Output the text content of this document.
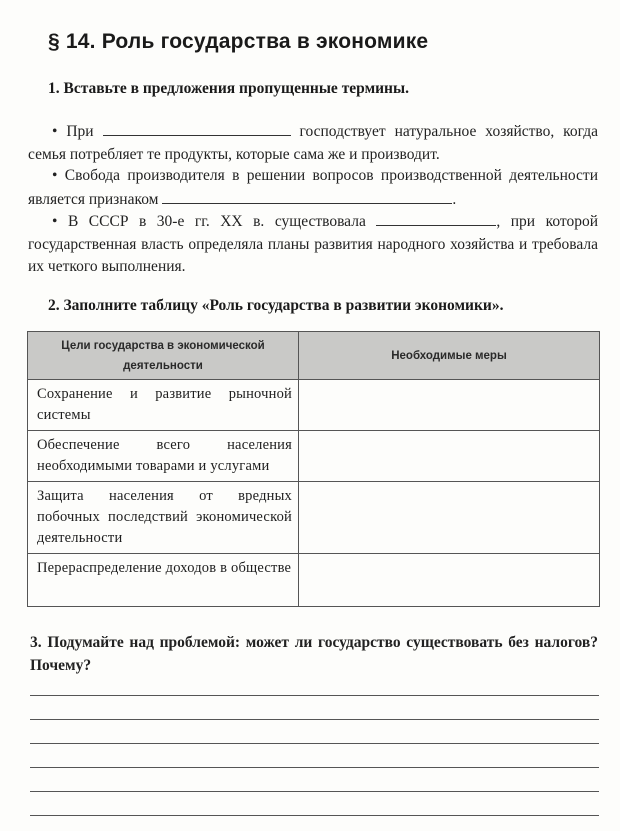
§ 14. Роль государства в экономике
1. Вставьте в предложения пропущенные термины.
• При	господствует натуральное хозяйство, когда семья потребляет те продукты, которые сама же и производит.
• Свобода производителя в решении вопросов производственной деятельности является признаком	.
• В СССР в 30-е гг. XX в. существовала	, при которой государственная власть определяла планы развития народного хозяйства и требовала их четкого выполнения.
2. Заполните таблицу «Роль государства в развитии экономики».
Цели государства в экономической деятельности	Необходимые меры
Сохранение и развитие рыночной системы	
Обеспечение всего населения необходимыми товарами и услугами	
Защита населения от вредных побочных последствий экономической деятельности	
Перераспределение доходов в обществе	
3. Подумайте над проблемой: может ли государство существовать без налогов? Почему?
